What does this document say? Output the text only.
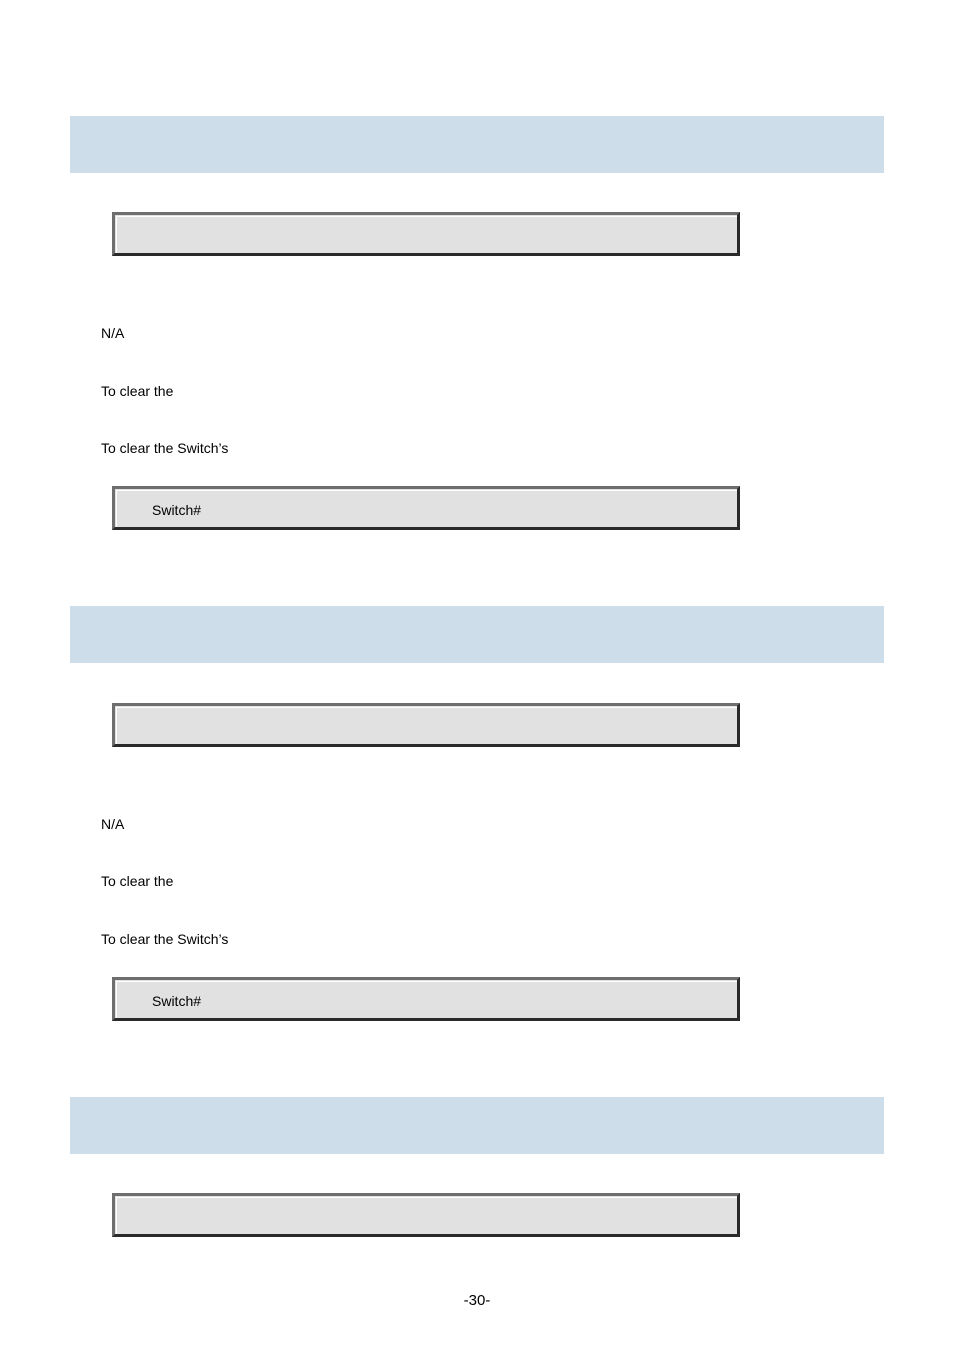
N/A
To clear the
To clear the Switch’s
Switch#
N/A
To clear the
To clear the Switch’s
Switch#
-30-
